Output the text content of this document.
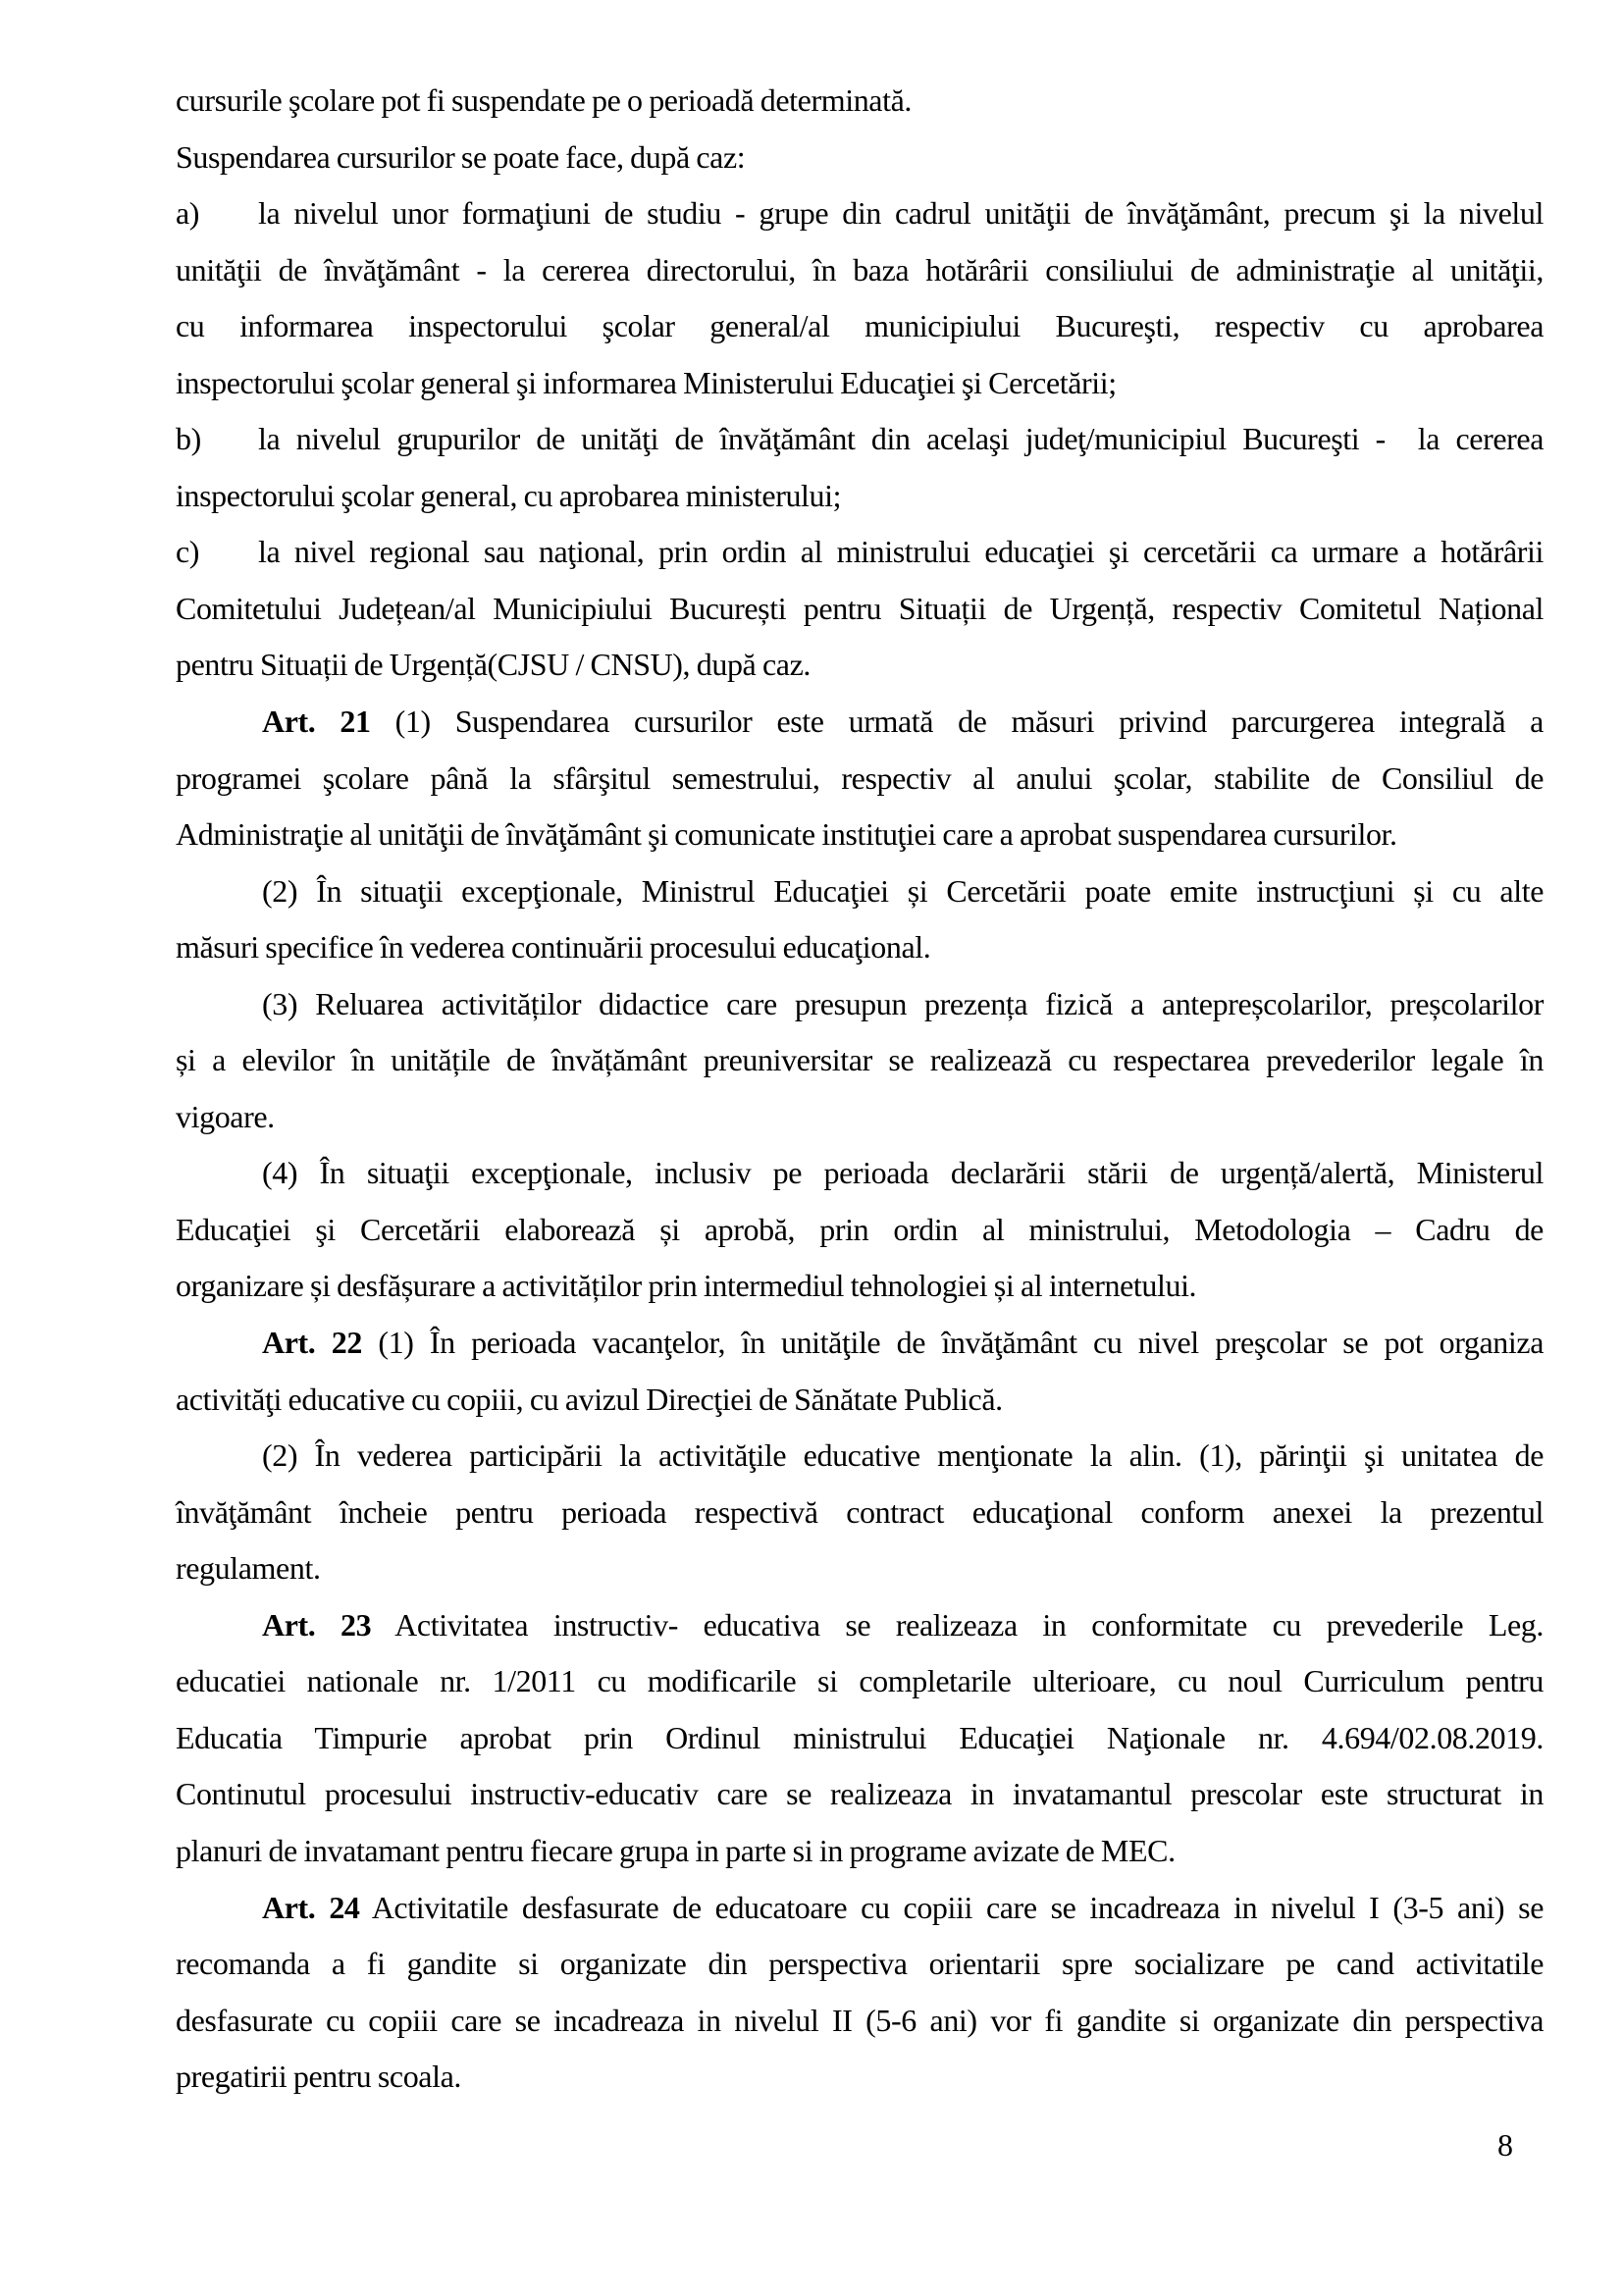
cursurile şcolare pot fi suspendate pe o perioadă determinată.
Suspendarea cursurilor se poate face, după caz:
a) la nivelul unor formaţiuni de studiu - grupe din cadrul unităţii de învăţământ, precum şi la nivelul
unităţii de învăţământ - la cererea directorului, în baza hotărârii consiliului de administraţie al unităţii,
cu informarea inspectorului şcolar general/al municipiului Bucureşti, respectiv cu aprobarea
inspectorului şcolar general şi informarea Ministerului Educaţiei şi Cercetării;
b) la nivelul grupurilor de unităţi de învăţământ din acelaşi judeţ/municipiul Bucureşti -  la cererea
inspectorului şcolar general, cu aprobarea ministerului;
c) la nivel regional sau naţional, prin ordin al ministrului educaţiei şi cercetării ca urmare a hotărârii
Comitetului Județean/al Municipiului București pentru Situații de Urgență, respectiv Comitetul Național
pentru Situații de Urgență(CJSU / CNSU), după caz.
Art. 21 (1) Suspendarea cursurilor este urmată de măsuri privind parcurgerea integrală a
programei şcolare până la sfârşitul semestrului, respectiv al anului şcolar, stabilite de Consiliul de
Administraţie al unităţii de învăţământ şi comunicate instituţiei care a aprobat suspendarea cursurilor.
(2) În situaţii excepţionale, Ministrul Educaţiei și Cercetării poate emite instrucţiuni și cu alte
măsuri specifice în vederea continuării procesului educaţional.
(3) Reluarea activităților didactice care presupun prezența fizică a antepreșcolarilor, preșcolarilor
și a elevilor în unitățile de învățământ preuniversitar se realizează cu respectarea prevederilor legale în
vigoare.
(4) În situaţii excepţionale, inclusiv pe perioada declarării stării de urgență/alertă, Ministerul
Educaţiei şi Cercetării elaborează și aprobă, prin ordin al ministrului, Metodologia – Cadru de
organizare și desfășurare a activităților prin intermediul tehnologiei și al internetului.
Art. 22 (1) În perioada vacanţelor, în unităţile de învăţământ cu nivel preşcolar se pot organiza
activităţi educative cu copiii, cu avizul Direcţiei de Sănătate Publică.
(2) În vederea participării la activităţile educative menţionate la alin. (1), părinţii şi unitatea de
învăţământ încheie pentru perioada respectivă contract educaţional conform anexei la prezentul
regulament.
Art. 23 Activitatea instructiv- educativa se realizeaza in conformitate cu prevederile Leg.
educatiei nationale nr. 1/2011 cu modificarile si completarile ulterioare, cu noul Curriculum pentru
Educatia Timpurie aprobat prin Ordinul ministrului Educaţiei Naţionale nr. 4.694/02.08.2019.
Continutul procesului instructiv-educativ care se realizeaza in invatamantul prescolar este structurat in
planuri de invatamant pentru fiecare grupa in parte si in programe avizate de MEC.
Art. 24 Activitatile desfasurate de educatoare cu copiii care se incadreaza in nivelul I (3-5 ani) se
recomanda a fi gandite si organizate din perspectiva orientarii spre socializare pe cand activitatile
desfasurate cu copiii care se incadreaza in nivelul II (5-6 ani) vor fi gandite si organizate din perspectiva
pregatirii pentru scoala.
8
